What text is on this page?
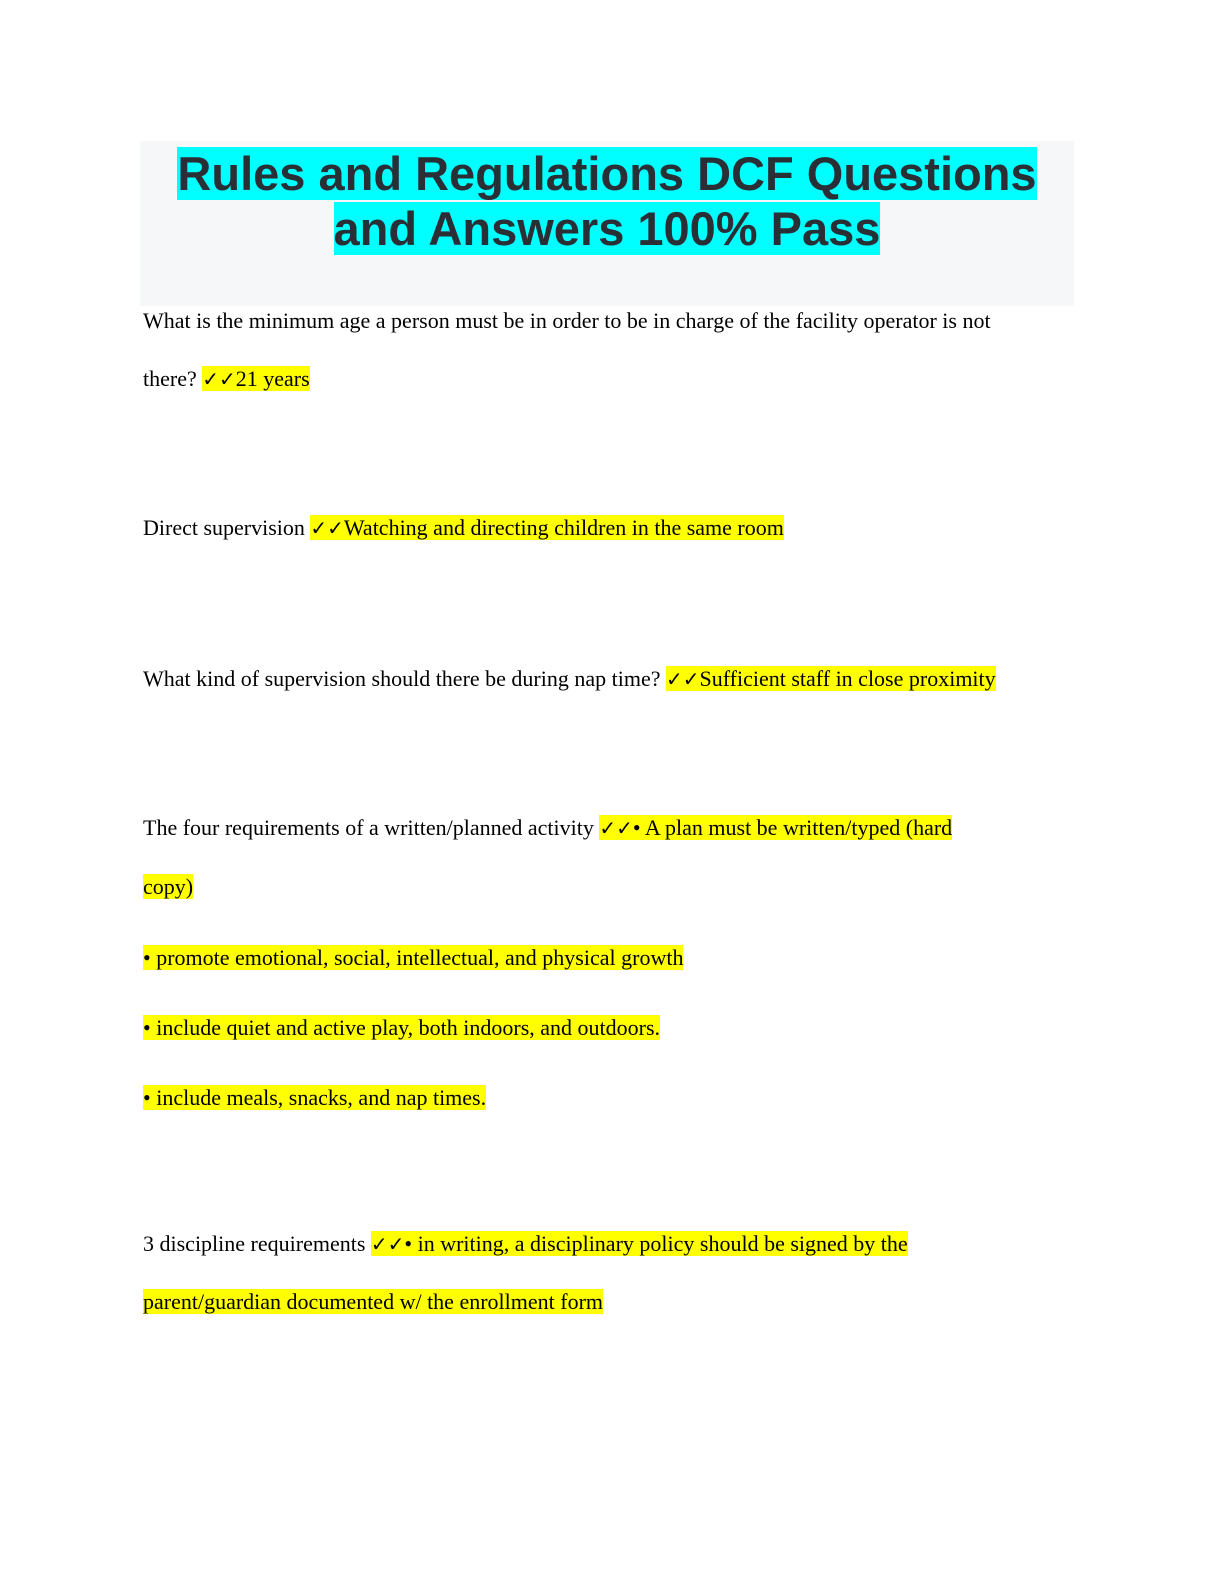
Rules and Regulations DCF Questions
and Answers 100% Pass
What is the minimum age a person must be in order to be in charge of the facility operator is not
there? ✓✓21 years
Direct supervision ✓✓Watching and directing children in the same room
What kind of supervision should there be during nap time? ✓✓Sufficient staff in close proximity
The four requirements of a written/planned activity ✓✓• A plan must be written/typed (hard
copy)
• promote emotional, social, intellectual, and physical growth
• include quiet and active play, both indoors, and outdoors.
• include meals, snacks, and nap times.
3 discipline requirements ✓✓• in writing, a disciplinary policy should be signed by the
parent/guardian documented w/ the enrollment form
